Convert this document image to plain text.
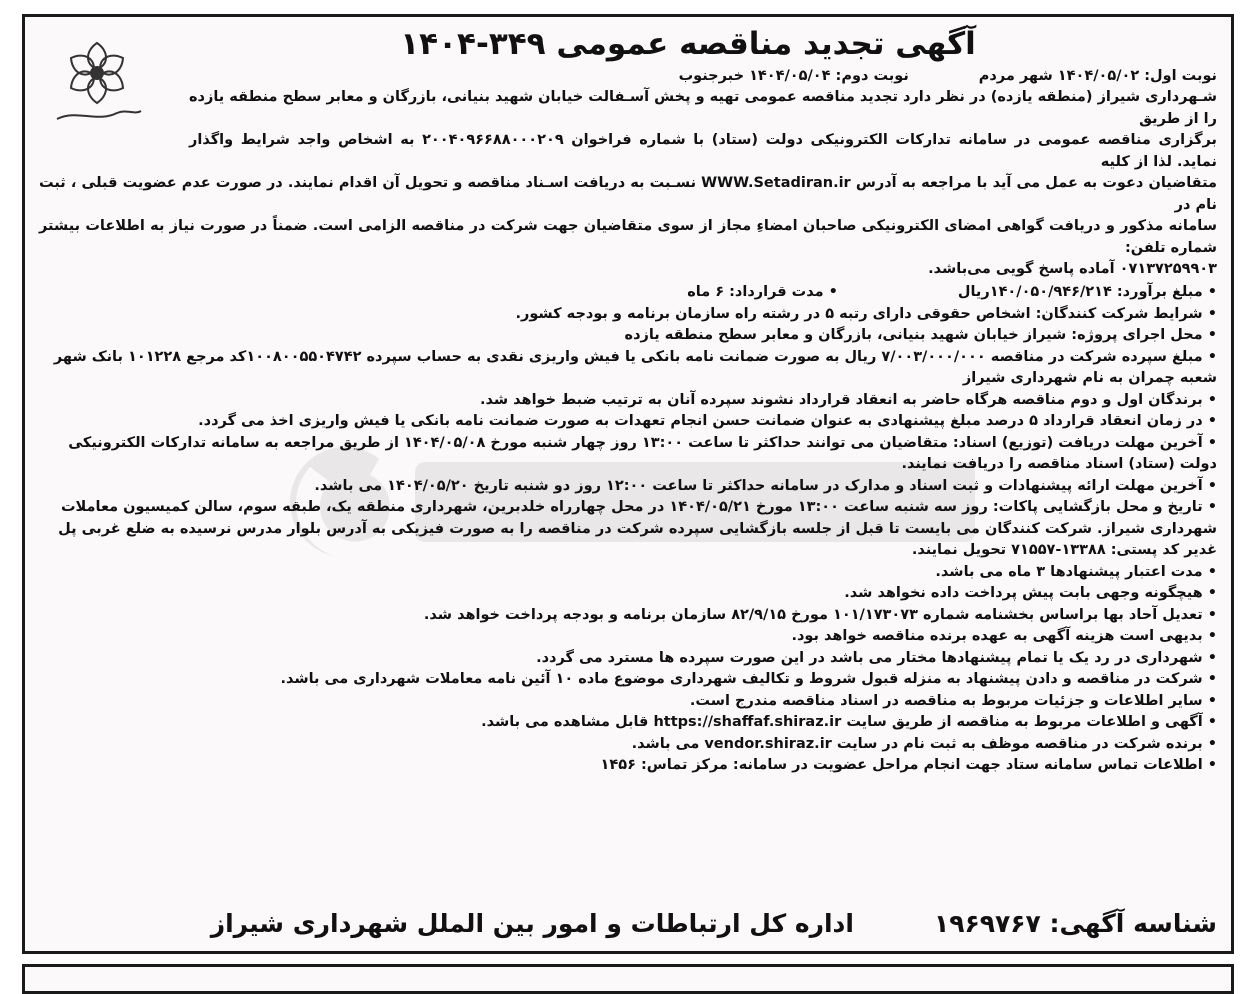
آگهی تجدید مناقصه عمومی ۳۴۹-۱۴۰۴
نوبت اول: ۱۴۰۴/۰۵/۰۲ شهر مردم
نوبت دوم: ۱۴۰۴/۰۵/۰۴ خبرجنوب

شـهرداری شیراز (منطقه یازده) در نظر دارد تجدید مناقصه عمومی تهیه و پخش آسـفالت خیابان شهید بنیانی، بازرگان و معابر سطح منطقه یازده را از طریق

برگزاری مناقصه عمومی در سامانه تدارکات الکترونیکی دولت (ستاد) با شماره فراخوان ۲۰۰۴۰۹۶۶۸۸۰۰۰۲۰۹ به اشخاص واجد شرایط واگذار نماید. لذا از کلیه

متقاضیان دعوت به عمل می آید با مراجعه به آدرس WWW.Setadiran.ir نسـبت به دریافت اسـناد مناقصه و تحویل آن اقدام نمایند. در صورت عدم عضویت قبلی ، ثبت نام در

سامانه مذکور و دریافت گواهی امضای الکترونیکی صاحبان امضاءِ مجاز از سوی متقاضیان جهت شرکت در مناقصه الزامی است. ضمناً در صورت نیاز به اطلاعات بیشتر شماره تلفن:

۰۷۱۳۷۲۵۹۹۰۳ آماده پاسخ گویی می‌باشد.

• مبلغ برآورد: ۱۴۰/۰۵۰/۹۴۶/۲۱۴ریال
• مدت قرارداد: ۶ ماه
• شرایط شرکت کنندگان: اشخاص حقوقی دارای رتبه ۵ در رشته راه سازمان برنامه و بودجه کشور.
• محل اجرای پروژه: شیراز خیابان شهید بنیانی، بازرگان و معابر سطح منطقه یازده
• مبلغ سپرده شرکت در مناقصه ۷/۰۰۳/۰۰۰/۰۰۰ ریال به صورت ضمانت نامه بانکی یا فیش واریزی نقدی به حساب سپرده ۱۰۰۸۰۰۵۵۰۴۷۴۲کد مرجع ۱۰۱۲۲۸ بانک شهر شعبه چمران به نام شهرداری شیراز
• برندگان اول و دوم مناقصه هرگاه حاضر به انعقاد قرارداد نشوند سپرده آنان به ترتیب ضبط خواهد شد.
• در زمان انعقاد قرارداد ۵ درصد مبلغ پیشنهادی به عنوان ضمانت حسن انجام تعهدات به صورت ضمانت نامه بانکی یا فیش واریزی اخذ می گردد.
• آخرین مهلت دریافت (توزیع) اسناد: متقاضیان می توانند حداکثر تا ساعت ۱۳:۰۰ روز چهار شنبه مورخ ۱۴۰۴/۰۵/۰۸ از طریق مراجعه به سامانه تدارکات الکترونیکی دولت (ستاد) اسناد مناقصه را دریافت نمایند.
• آخرین مهلت ارائه پیشنهادات و ثبت اسناد و مدارک در سامانه حداکثر تا ساعت ۱۲:۰۰ روز دو شنبه تاریخ ۱۴۰۴/۰۵/۲۰ می باشد.
• تاریخ و محل بازگشایی پاکات: روز سه شنبه ساعت ۱۳:۰۰ مورخ ۱۴۰۴/۰۵/۲۱ در محل چهارراه خلدبرین، شهرداری منطقه یک، طبقه سوم، سالن کمیسیون معاملات شهرداری شیراز. شرکت کنندگان می بایست تا قبل از جلسه بازگشایی سپرده شرکت در مناقصه را به صورت فیزیکی به آدرس بلوار مدرس نرسیده به ضلع غربی پل غدیر کد پستی: ۱۳۳۸۸-۷۱۵۵۷ تحویل نمایند.
• مدت اعتبار پیشنهادها ۳ ماه می باشد.
• هیچگونه وجهی بابت پیش پرداخت داده نخواهد شد.
• تعدیل آحاد بها براساس بخشنامه شماره ۱۰۱/۱۷۳۰۷۳ مورخ ۸۲/۹/۱۵ سازمان برنامه و بودجه پرداخت خواهد شد.
• بدیهی است هزینه آگهی به عهده برنده مناقصه خواهد بود.
• شهرداری در رد یک یا تمام پیشنهادها مختار می باشد در این صورت سپرده ها مسترد می گردد.
• شرکت در مناقصه و دادن پیشنهاد به منزله قبول شروط و تکالیف شهرداری موضوع ماده ۱۰ آئین نامه معاملات شهرداری می باشد.
• سایر اطلاعات و جزئیات مربوط به مناقصه در اسناد مناقصه مندرج است.
• آگهی و اطلاعات مربوط به مناقصه از طریق سایت https://shaffaf.shiraz.ir قابل مشاهده می باشد.
• برنده شرکت در مناقصه موظف به ثبت نام در سایت vendor.shiraz.ir می باشد.
• اطلاعات تماس سامانه ستاد جهت انجام مراحل عضویت در سامانه: مرکز تماس: ۱۴۵۶
شناسه آگهی: ۱۹۶۹۷۶۷
اداره کل ارتباطات و امور بین الملل شهرداری شیراز
